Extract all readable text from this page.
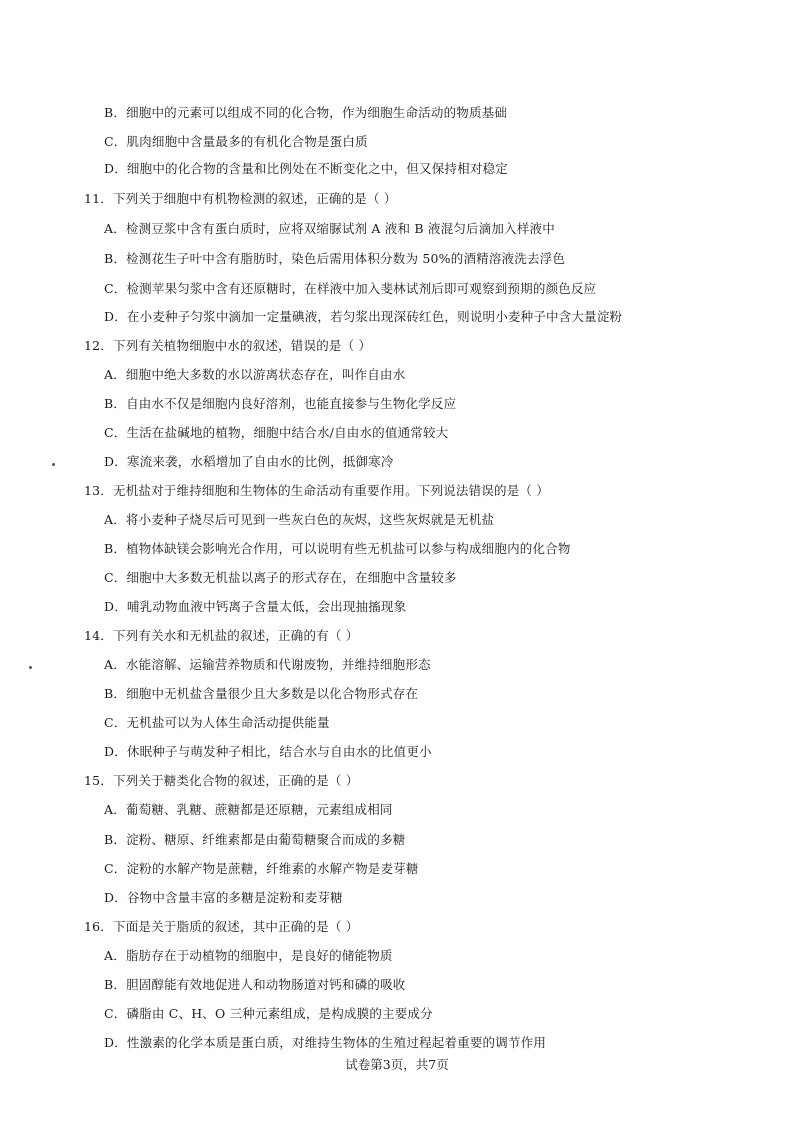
B．细胞中的元素可以组成不同的化合物，作为细胞生命活动的物质基础
C．肌肉细胞中含量最多的有机化合物是蛋白质
D．细胞中的化合物的含量和比例处在不断变化之中，但又保持相对稳定
11．下列关于细胞中有机物检测的叙述，正确的是（ ）
A．检测豆浆中含有蛋白质时，应将双缩脲试剂 A 液和 B 液混匀后滴加入样液中
B．检测花生子叶中含有脂肪时，染色后需用体积分数为 50%的酒精溶液洗去浮色
C．检测苹果匀浆中含有还原糖时，在样液中加入斐林试剂后即可观察到预期的颜色反应
D．在小麦种子匀浆中滴加一定量碘液，若匀浆出现深砖红色，则说明小麦种子中含大量淀粉
12．下列有关植物细胞中水的叙述，错误的是（ ）
A．细胞中绝大多数的水以游离状态存在，叫作自由水
B．自由水不仅是细胞内良好溶剂，也能直接参与生物化学反应
C．生活在盐碱地的植物，细胞中结合水/自由水的值通常较大
D．寒流来袭，水稻增加了自由水的比例，抵御寒冷
13．无机盐对于维持细胞和生物体的生命活动有重要作用。下列说法错误的是（ ）
A．将小麦种子烧尽后可见到一些灰白色的灰烬，这些灰烬就是无机盐
B．植物体缺镁会影响光合作用，可以说明有些无机盐可以参与构成细胞内的化合物
C．细胞中大多数无机盐以离子的形式存在，在细胞中含量较多
D．哺乳动物血液中钙离子含量太低，会出现抽搐现象
14．下列有关水和无机盐的叙述，正确的有（ ）
A．水能溶解、运输营养物质和代谢废物，并维持细胞形态
B．细胞中无机盐含量很少且大多数是以化合物形式存在
C．无机盐可以为人体生命活动提供能量
D．休眠种子与萌发种子相比，结合水与自由水的比值更小
15．下列关于糖类化合物的叙述，正确的是（ ）
A．葡萄糖、乳糖、蔗糖都是还原糖，元素组成相同
B．淀粉、糖原、纤维素都是由葡萄糖聚合而成的多糖
C．淀粉的水解产物是蔗糖，纤维素的水解产物是麦芽糖
D．谷物中含量丰富的多糖是淀粉和麦芽糖
16．下面是关于脂质的叙述，其中正确的是（ ）
A．脂肪存在于动植物的细胞中，是良好的储能物质
B．胆固醇能有效地促进人和动物肠道对钙和磷的吸收
C．磷脂由 C、H、O 三种元素组成，是构成膜的主要成分
D．性激素的化学本质是蛋白质，对维持生物体的生殖过程起着重要的调节作用
试卷第3页，共7页
